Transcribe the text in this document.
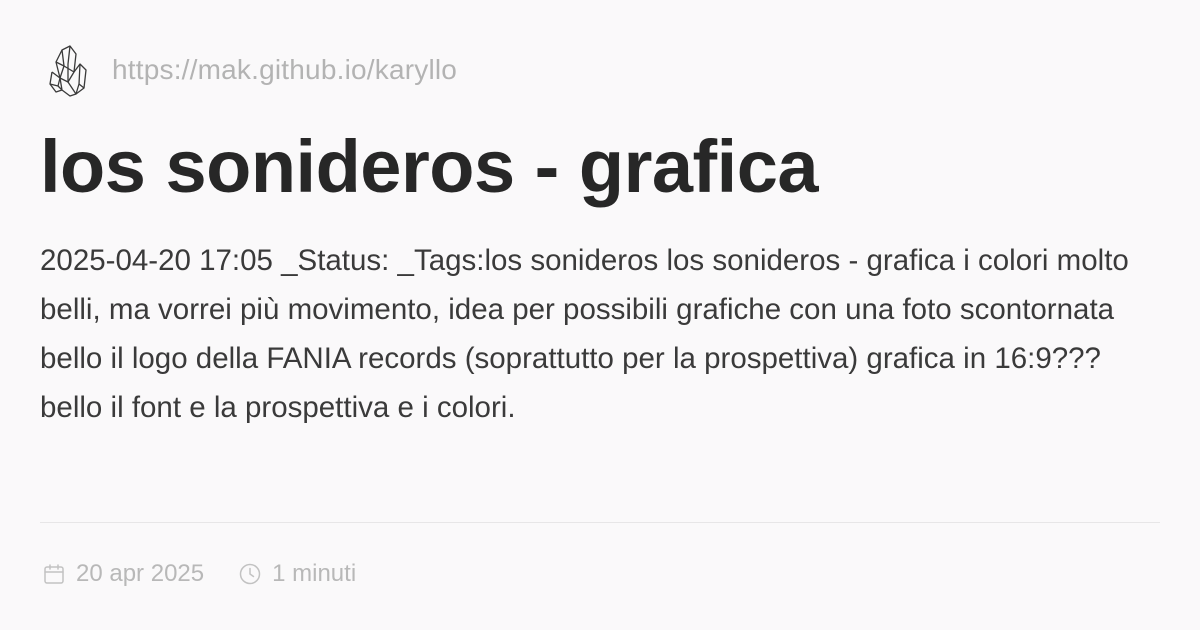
https://mak.github.io/karyllo
los sonideros - grafica

2025-04-20 17:05 _Status: _Tags:los sonideros los sonideros - grafica i colori molto belli, ma vorrei più movimento, idea per possibili grafiche con una foto scontornata bello il logo della FANIA records (soprattutto per la prospettiva) grafica in 16:9??? bello il font e la prospettiva e i colori.

20 apr 2025	1 minuti
